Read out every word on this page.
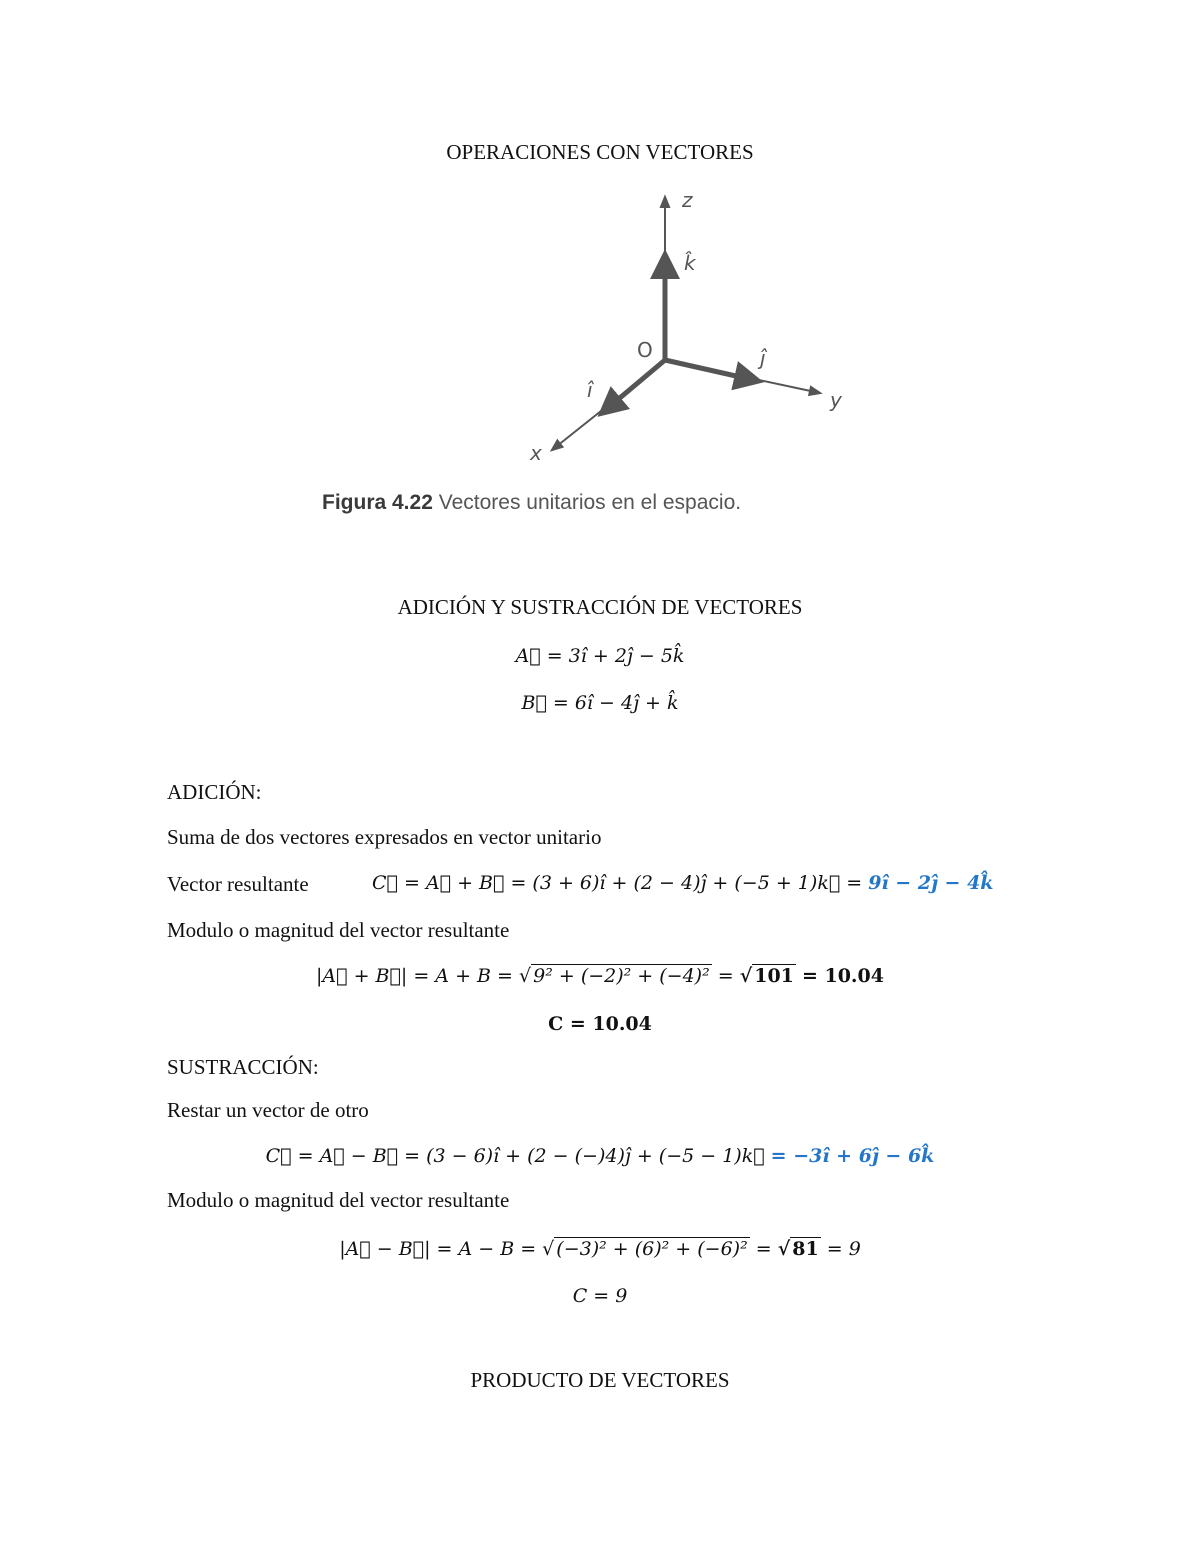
OPERACIONES CON VECTORES
z
k̂
O	ĵ
y
î
x
Figura 4.22 Vectores unitarios en el espacio.
ADICIÓN Y SUSTRACCIÓN DE VECTORES
A⃗ = 3î + 2ĵ − 5k̂
B⃗ = 6î − 4ĵ + k̂
ADICIÓN:
Suma de dos vectores expresados en vector unitario
Vector resultante	C⃗ = A⃗ + B⃗ = (3 + 6)î + (2 − 4)ĵ + (−5 + 1)k⃗ = 9î − 2ĵ − 4k̂
Modulo o magnitud del vector resultante
|A⃗ + B⃗| = A + B = √ 9² + (−2)² + (−4)² = √ 101 = 10.04
C = 10.04
SUSTRACCIÓN:
Restar un vector de otro
C⃗ = A⃗ − B⃗ = (3 − 6)î + (2 − (−)4)ĵ + (−5 − 1)k⃗ = −3î + 6ĵ − 6k̂
Modulo o magnitud del vector resultante
|A⃗ − B⃗| = A − B = √ (−3)² + (6)² + (−6)² = √ 81 = 9
C = 9
PRODUCTO DE VECTORES
